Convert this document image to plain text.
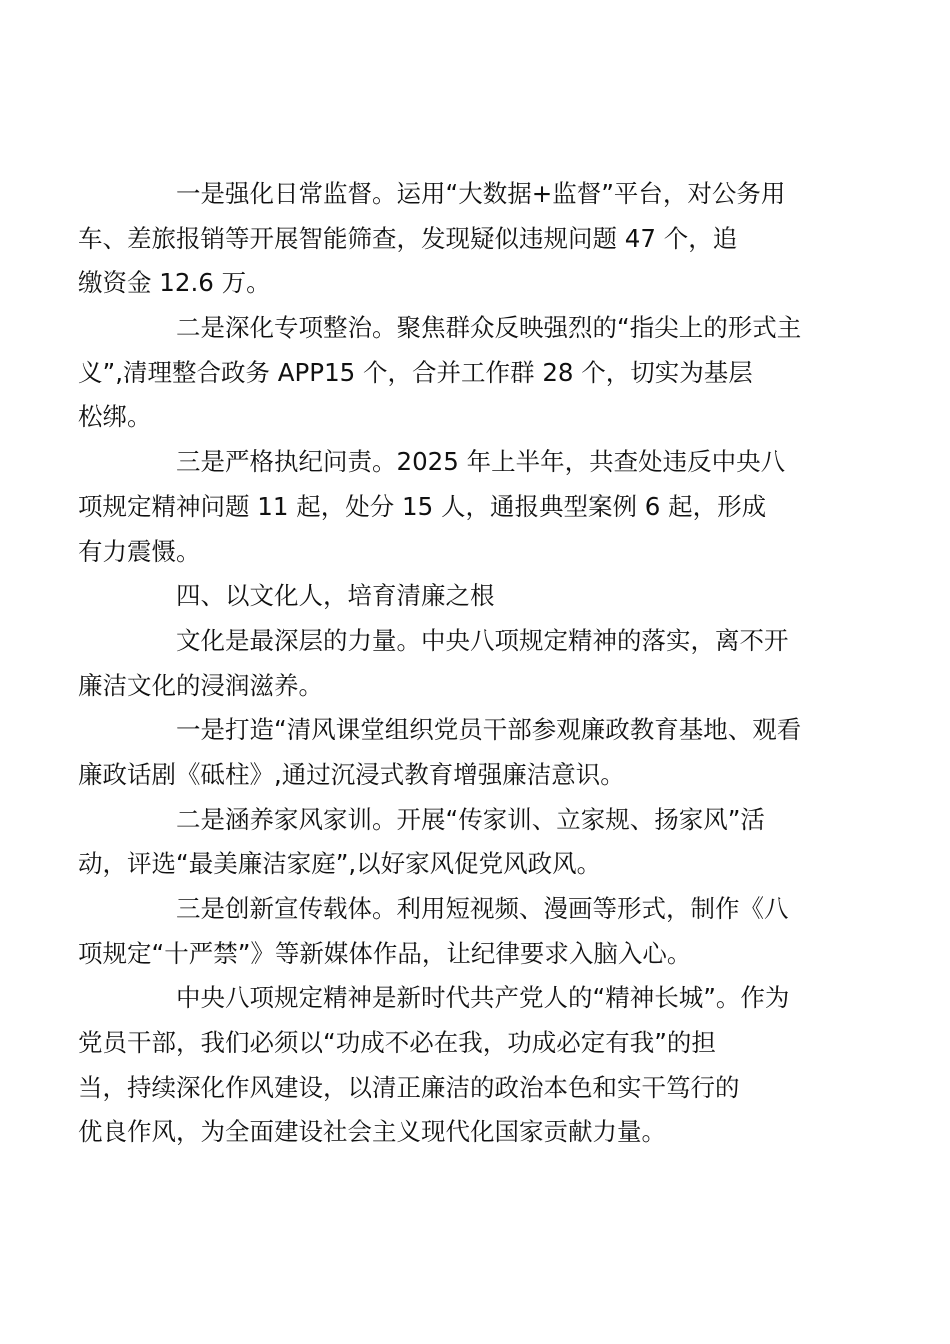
一是强化日常监督。运用“大数据+监督”平台，对公务用
车、差旅报销等开展智能筛查，发现疑似违规问题 47 个，追
缴资金 12.6 万。

二是深化专项整治。聚焦群众反映强烈的“指尖上的形式主
义”,清理整合政务 APP15 个，合并工作群 28 个，切实为基层
松绑。

三是严格执纪问责。2025 年上半年，共查处违反中央八
项规定精神问题 11 起，处分 15 人，通报典型案例 6 起，形成
有力震慑。

四、以文化人，培育清廉之根

文化是最深层的力量。中央八项规定精神的落实，离不开
廉洁文化的浸润滋养。

一是打造“清风课堂组织党员干部参观廉政教育基地、观看
廉政话剧《砥柱》,通过沉浸式教育增强廉洁意识。

二是涵养家风家训。开展“传家训、立家规、扬家风”活
动，评选“最美廉洁家庭”,以好家风促党风政风。

三是创新宣传载体。利用短视频、漫画等形式，制作《八
项规定“十严禁”》等新媒体作品，让纪律要求入脑入心。

中央八项规定精神是新时代共产党人的“精神长城”。作为
党员干部，我们必须以“功成不必在我，功成必定有我”的担
当，持续深化作风建设，以清正廉洁的政治本色和实干笃行的
优良作风，为全面建设社会主义现代化国家贡献力量。
